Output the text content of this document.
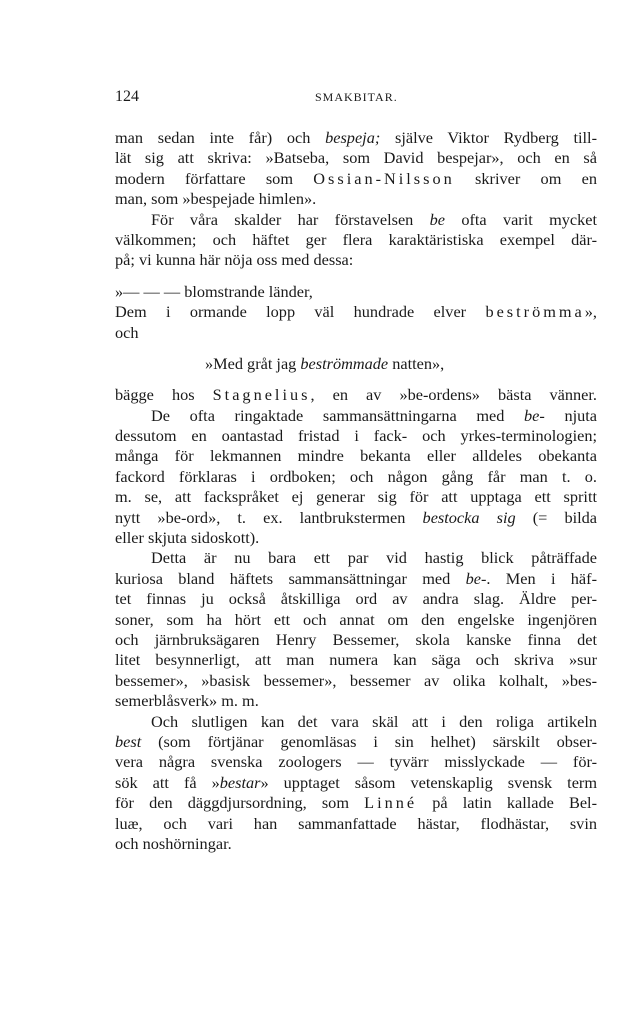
124	SMAKBITAR.
man sedan inte får) och bespeja; själve Viktor Rydberg till-
lät sig att skriva: »Batseba, som David bespejar», och en så
modern författare som Ossian-Nilsson skriver om en
man, som »bespejade himlen».
För våra skalder har förstavelsen be ofta varit mycket
välkommen; och häftet ger flera karaktäristiska exempel där-
på; vi kunna här nöja oss med dessa:
»— — — blomstrande länder,
Dem i ormande lopp väl hundrade elver beströmma»,
och
»Med gråt jag beströmmade natten»,
bägge hos Stagnelius, en av »be-ordens» bästa vänner.
De ofta ringaktade sammansättningarna med be- njuta
dessutom en oantastad fristad i fack- och yrkes-terminologien;
många för lekmannen mindre bekanta eller alldeles obekanta
fackord förklaras i ordboken; och någon gång får man t. o.
m. se, att fackspråket ej generar sig för att upptaga ett spritt
nytt »be-ord», t. ex. lantbrukstermen bestocka sig (= bilda
eller skjuta sidoskott).
Detta är nu bara ett par vid hastig blick påträffade
kuriosa bland häftets sammansättningar med be-. Men i häf-
tet finnas ju också åtskilliga ord av andra slag. Äldre per-
soner, som ha hört ett och annat om den engelske ingenjören
och järnbruksägaren Henry Bessemer, skola kanske finna det
litet besynnerligt, att man numera kan säga och skriva »sur
bessemer», »basisk bessemer», bessemer av olika kolhalt, »bes-
semerblåsverk» m. m.
Och slutligen kan det vara skäl att i den roliga artikeln
best (som förtjänar genomläsas i sin helhet) särskilt obser-
vera några svenska zoologers — tyvärr misslyckade — för-
sök att få »bestar» upptaget såsom vetenskaplig svensk term
för den däggdjursordning, som Linné på latin kallade Bel-
luæ, och vari han sammanfattade hästar, flodhästar, svin
och noshörningar.
